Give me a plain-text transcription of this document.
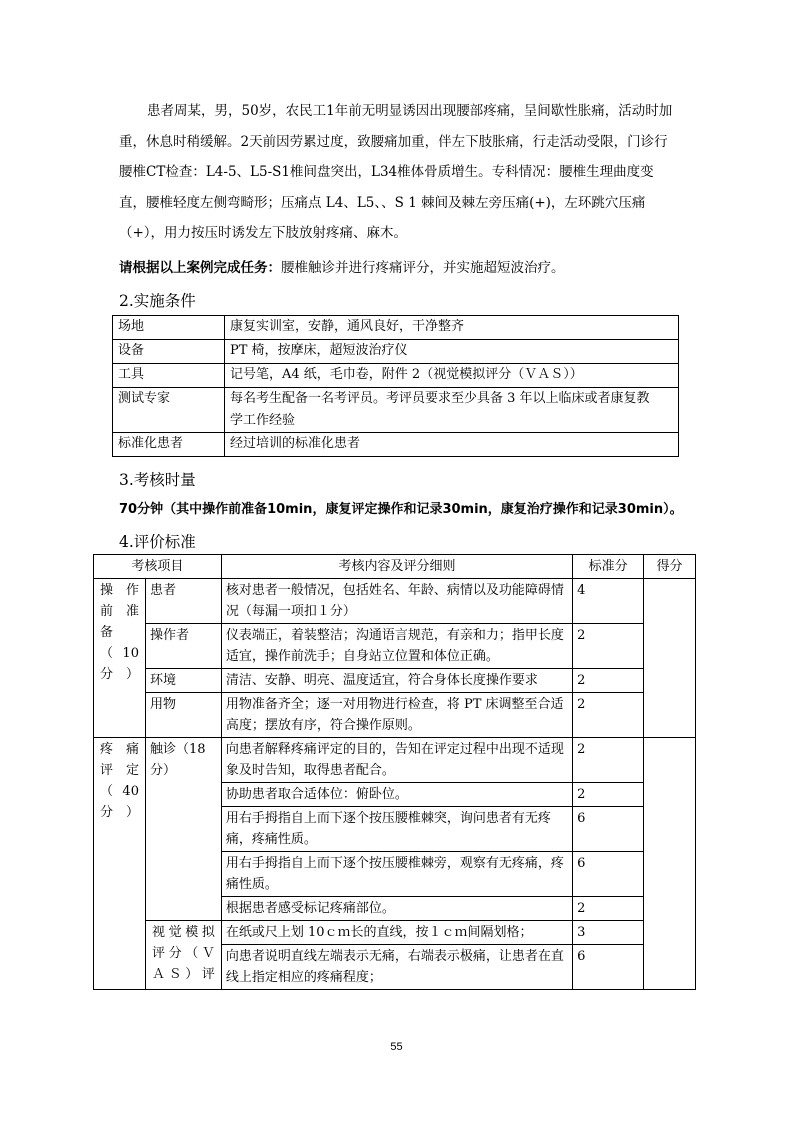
患者周某，男，50岁，农民工1年前无明显诱因出现腰部疼痛，呈间歇性胀痛，活动时加重，休息时稍缓解。2天前因劳累过度，致腰痛加重，伴左下肢胀痛，行走活动受限，门诊行腰椎CT检查：L4-5、L5-S1椎间盘突出，L34椎体骨质增生。专科情况：腰椎生理曲度变直，腰椎轻度左侧弯畸形；压痛点 L4、L5、、S 1 棘间及棘左旁压痛(+)，左环跳穴压痛（+），用力按压时诱发左下肢放射疼痛、麻木。

请根据以上案例完成任务：腰椎触诊并进行疼痛评分，并实施超短波治疗。
2.实施条件
场地	康复实训室，安静，通风良好，干净整齐
设备	PT 椅，按摩床，超短波治疗仪
工具	记号笔，A4 纸，毛巾卷，附件 2（视觉模拟评分（ＶＡＳ））
测试专家	每名考生配备一名考评员。考评员要求至少具备 3 年以上临床或者康复教学工作经验
标准化患者	经过培训的标准化患者
3.考核时量
70分钟（其中操作前准备10min，康复评定操作和记录30min，康复治疗操作和记录30min）。
4.评价标准
考核项目		考核内容及评分细则	标准分	得分
操作前准备（10分）	患者	核对患者一般情况，包括姓名、年龄、病情以及功能障碍情况（每漏一项扣１分）	4	
	操作者	仪表端正，着装整洁；沟通语言规范，有亲和力；指甲长度适宜，操作前洗手；自身站立位置和体位正确。	2	
	环境	清洁、安静、明亮、温度适宜，符合身体长度操作要求	2	
	用物	用物准备齐全；逐一对用物进行检查，将 PT 床调整至合适高度；摆放有序，符合操作原则。	2	
疼痛评定（40分）	触诊（18分）	向患者解释疼痛评定的目的，告知在评定过程中出现不适现象及时告知，取得患者配合。	2	
		协助患者取合适体位：俯卧位。	2	
		用右手拇指自上而下逐个按压腰椎棘突，询问患者有无疼痛，疼痛性质。	6	
		用右手拇指自上而下逐个按压腰椎棘旁，观察有无疼痛，疼痛性质。	6	
		根据患者感受标记疼痛部位。	2	
	视觉模拟评分（ＶＡＳ）评	在纸或尺上划 10ｃｍ长的直线，按１ｃｍ间隔划格；	3	
		向患者说明直线左端表示无痛，右端表示极痛，让患者在直线上指定相应的疼痛程度；	6	
55
